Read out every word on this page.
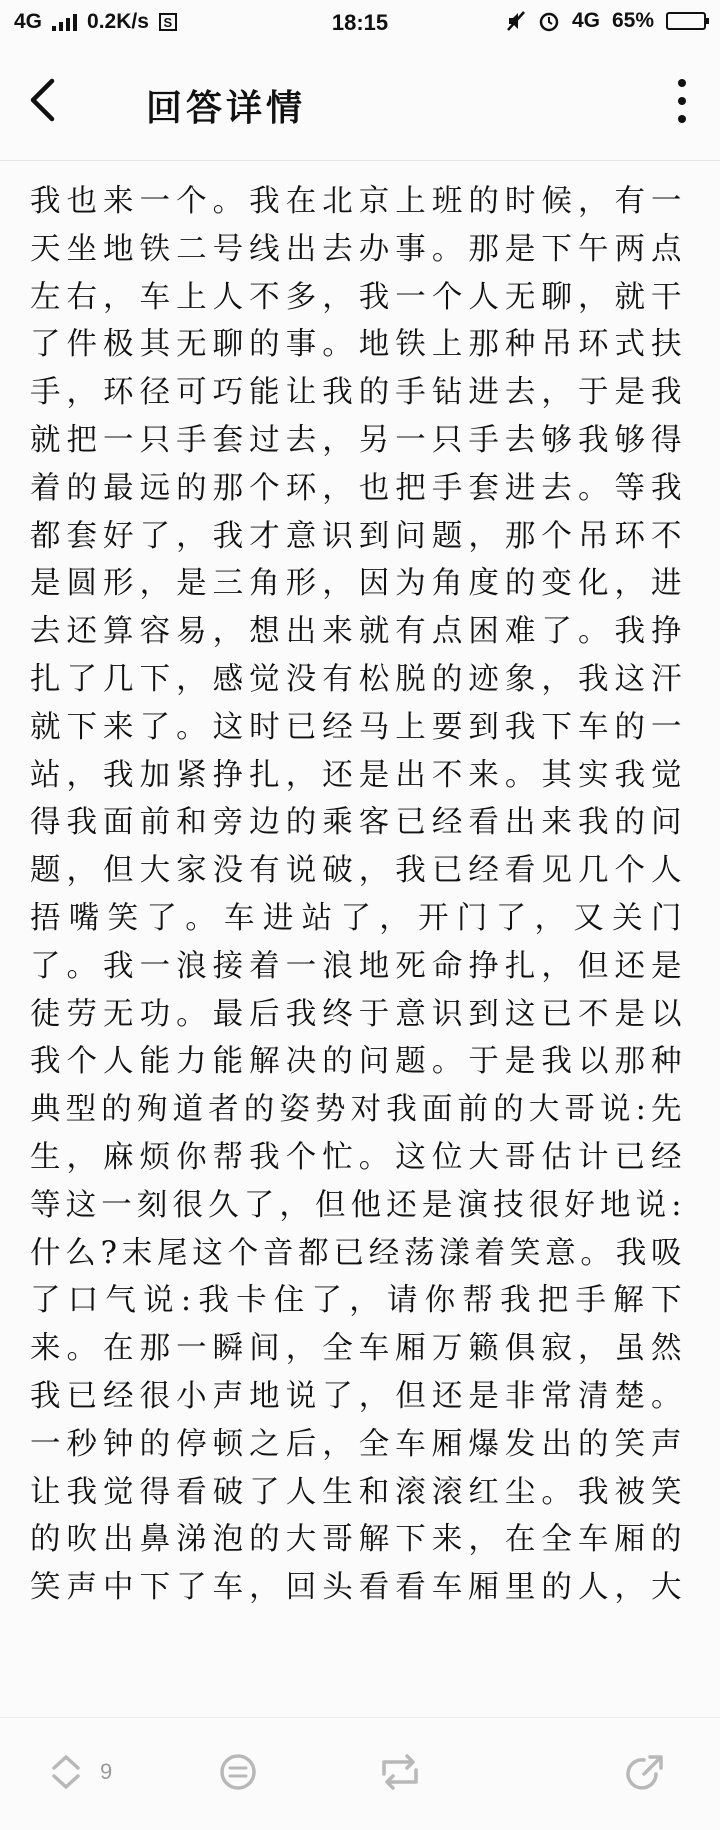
4G 0.2K/s	S	18:15	4G 65%
回答详情

我也来一个。我在北京上班的时候，有一天坐地铁二号线出去办事。那是下午两点左右，车上人不多，我一个人无聊，就干了件极其无聊的事。地铁上那种吊环式扶手，环径可巧能让我的手钻进去，于是我就把一只手套过去，另一只手去够我够得着的最远的那个环，也把手套进去。等我都套好了，我才意识到问题，那个吊环不是圆形，是三角形，因为角度的变化，进去还算容易，想出来就有点困难了。我挣扎了几下，感觉没有松脱的迹象，我这汗就下来了。这时已经马上要到我下车的一站，我加紧挣扎，还是出不来。其实我觉得我面前和旁边的乘客已经看出来我的问题，但大家没有说破，我已经看见几个人捂嘴笑了。车进站了，开门了，又关门了。我一浪接着一浪地死命挣扎，但还是徒劳无功。最后我终于意识到这已不是以我个人能力能解决的问题。于是我以那种典型的殉道者的姿势对我面前的大哥说:先生，麻烦你帮我个忙。这位大哥估计已经等这一刻很久了，但他还是演技很好地说:什么?末尾这个音都已经荡漾着笑意。我吸了口气说:我卡住了，请你帮我把手解下来。在那一瞬间，全车厢万籁俱寂，虽然我已经很小声地说了，但还是非常清楚。一秒钟的停顿之后，全车厢爆发出的笑声让我觉得看破了人生和滚滚红尘。我被笑的吹出鼻涕泡的大哥解下来，在全车厢的笑声中下了车，回头看看车厢里的人，大

9
